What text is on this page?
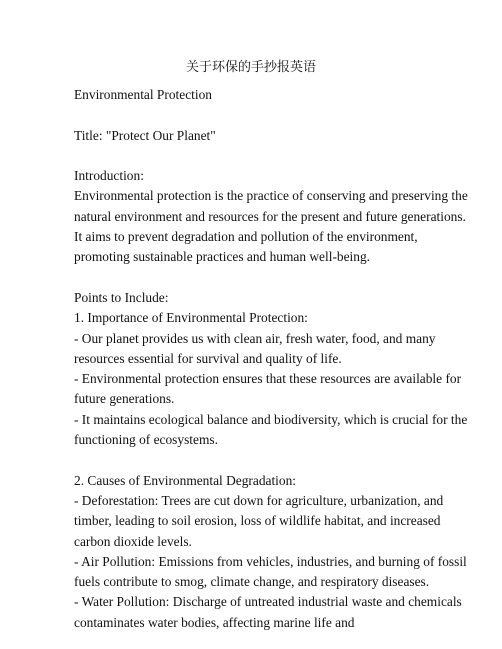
关于环保的手抄报英语

Environmental Protection

Title: "Protect Our Planet"

Introduction:

Environmental protection is the practice of conserving and preserving the natural environment and resources for the present and future generations. It aims to prevent degradation and pollution of the environment, promoting sustainable practices and human well-being.

Points to Include:

1. Importance of Environmental Protection:

- Our planet provides us with clean air, fresh water, food, and many resources essential for survival and quality of life.

- Environmental protection ensures that these resources are available for future generations.

- It maintains ecological balance and biodiversity, which is crucial for the functioning of ecosystems.

2. Causes of Environmental Degradation:

- Deforestation: Trees are cut down for agriculture, urbanization, and timber, leading to soil erosion, loss of wildlife habitat, and increased carbon dioxide levels.

- Air Pollution: Emissions from vehicles, industries, and burning of fossil fuels contribute to smog, climate change, and respiratory diseases.

- Water Pollution: Discharge of untreated industrial waste and chemicals contaminates water bodies, affecting marine life and
